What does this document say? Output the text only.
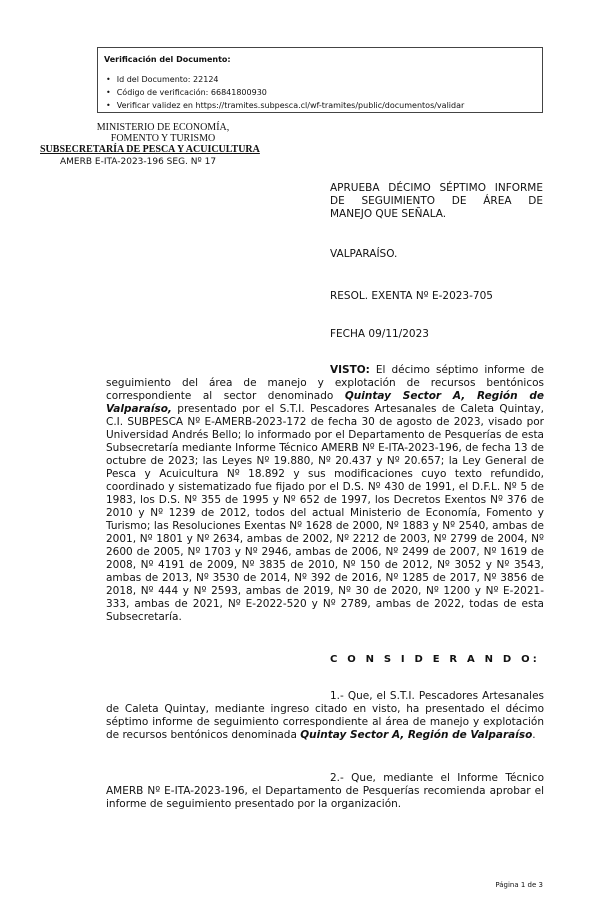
Verificación del Documento:
• Id del Documento: 22124
• Código de verificación: 66841800930
• Verificar validez en https://tramites.subpesca.cl/wf-tramites/public/documentos/validar
MINISTERIO DE ECONOMÍA,
FOMENTO Y TURISMO
SUBSECRETARÍA DE PESCA Y ACUICULTURA
AMERB E-ITA-2023-196 SEG. Nº 17
APRUEBA DÉCIMO SÉPTIMO INFORME DE SEGUIMIENTO DE ÁREA DE
MANEJO QUE SEÑALA.
VALPARAÍSO.
RESOL. EXENTA Nº E-2023-705
FECHA 09/11/2023
VISTO: El décimo séptimo informe de seguimiento del área de manejo y explotación de recursos bentónicos correspondiente al sector denominado Quintay Sector A, Región de Valparaíso, presentado por el S.T.I. Pescadores Artesanales de Caleta Quintay, C.I. SUBPESCA Nº E-AMERB-2023-172 de fecha 30 de agosto de 2023, visado por Universidad Andrés Bello; lo informado por el Departamento de Pesquerías de esta Subsecretaría mediante Informe Técnico AMERB Nº E-ITA-2023-196, de fecha 13 de octubre de 2023; las Leyes Nº 19.880, Nº 20.437 y Nº 20.657; la Ley General de Pesca y Acuicultura Nº 18.892 y sus modificaciones cuyo texto refundido, coordinado y sistematizado fue fijado por el D.S. Nº 430 de 1991, el D.F.L. Nº 5 de 1983, los D.S. Nº 355 de 1995 y Nº 652 de 1997, los Decretos Exentos Nº 376 de 2010 y Nº 1239 de 2012, todos del actual Ministerio de Economía, Fomento y Turismo; las Resoluciones Exentas Nº 1628 de 2000, Nº 1883 y Nº 2540, ambas de 2001, Nº 1801 y Nº 2634, ambas de 2002, Nº 2212 de 2003, Nº 2799 de 2004, Nº 2600 de 2005, Nº 1703 y Nº 2946, ambas de 2006, Nº 2499 de 2007, Nº 1619 de 2008, Nº 4191 de 2009, Nº 3835 de 2010, Nº 150 de 2012, Nº 3052 y Nº 3543, ambas de 2013, Nº 3530 de 2014, Nº 392 de 2016, Nº 1285 de 2017, Nº 3856 de 2018, Nº 444 y Nº 2593, ambas de 2019, Nº 30 de 2020, Nº 1200 y Nº E-2021-333, ambas de 2021, Nº E-2022-520 y Nº 2789, ambas de 2022, todas de esta Subsecretaría.
C O N S I D E R A N D O:
1.- Que, el S.T.I. Pescadores Artesanales de Caleta Quintay, mediante ingreso citado en visto, ha presentado el décimo séptimo informe de seguimiento correspondiente al área de manejo y explotación de recursos bentónicos denominada Quintay Sector A, Región de Valparaíso.
2.- Que, mediante el Informe Técnico AMERB Nº E-ITA-2023-196, el Departamento de Pesquerías recomienda aprobar el informe de seguimiento presentado por la organización.
Página 1 de 3
